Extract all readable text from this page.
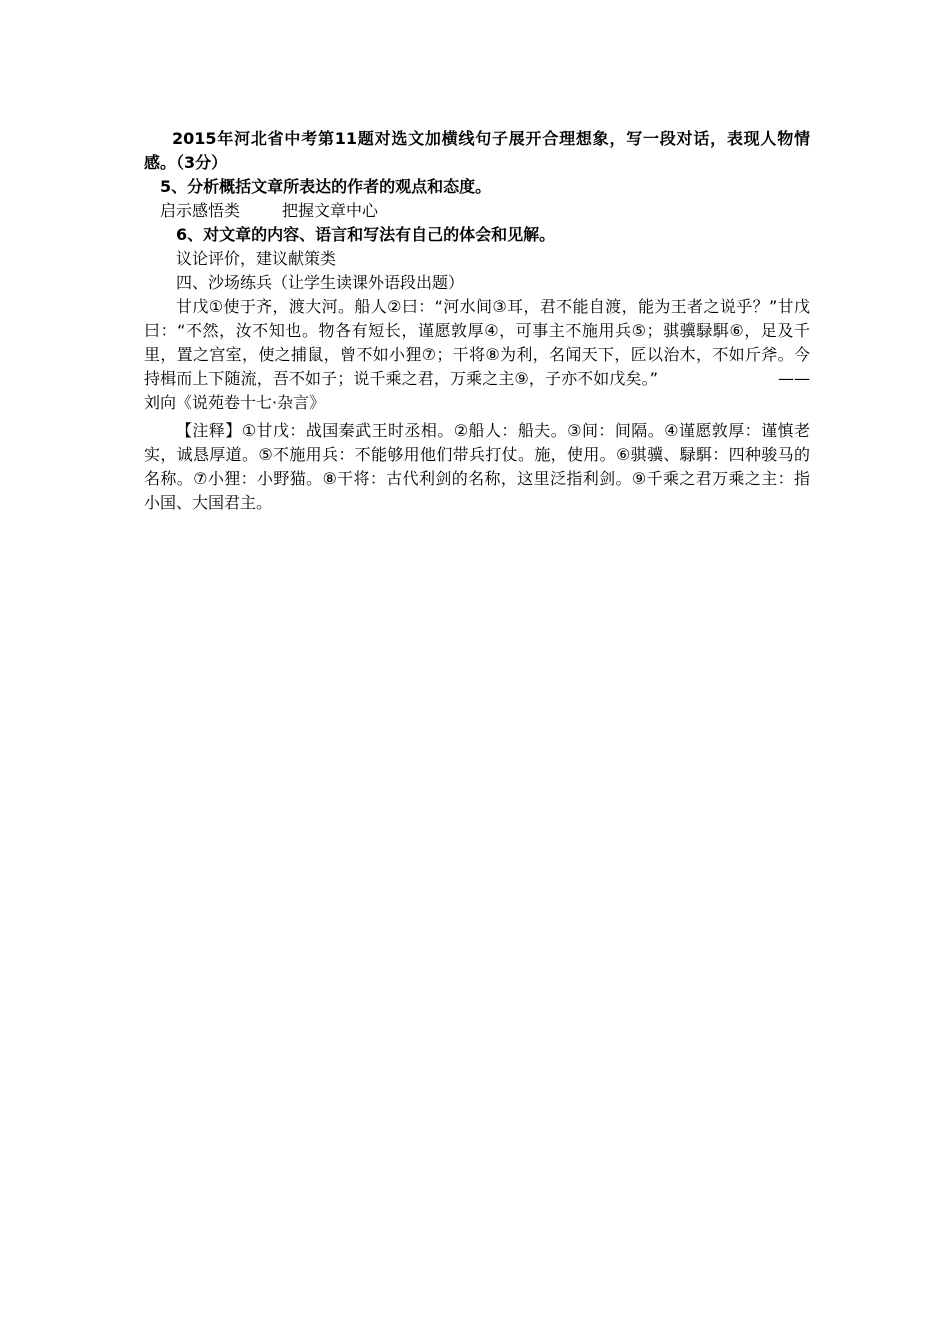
2015年河北省中考第11题对选文加横线句子展开合理想象，写一段对话，表现人物情感。（3分）

5、分析概括文章所表达的作者的观点和态度。

启示感悟类	把握文章中心

6、对文章的内容、语言和写法有自己的体会和见解。

议论评价，建议献策类

四、沙场练兵（让学生读课外语段出题）

甘戊①使于齐，渡大河。船人②曰：“河水间③耳，君不能自渡，能为王者之说乎？”甘戊曰：“不然，汝不知也。物各有短长，谨愿敦厚④，可事主不施用兵⑤；骐骥騄駬⑥，足及千里，置之宫室，使之捕鼠，曾不如小狸⑦；干将⑧为利，名闻天下，匠以治木，不如斤斧。今持楫而上下随流，吾不如子；说千乘之君，万乘之主⑨，子亦不如戊矣。”	——刘向《说苑卷十七·杂言》

【注释】①甘戊：战国秦武王时丞相。②船人：船夫。③间：间隔。④谨愿敦厚：谨慎老实，诚恳厚道。⑤不施用兵：不能够用他们带兵打仗。施，使用。⑥骐骥、騄駬：四种骏马的名称。⑦小狸：小野猫。⑧干将：古代利剑的名称，这里泛指利剑。⑨千乘之君万乘之主：指小国、大国君主。
